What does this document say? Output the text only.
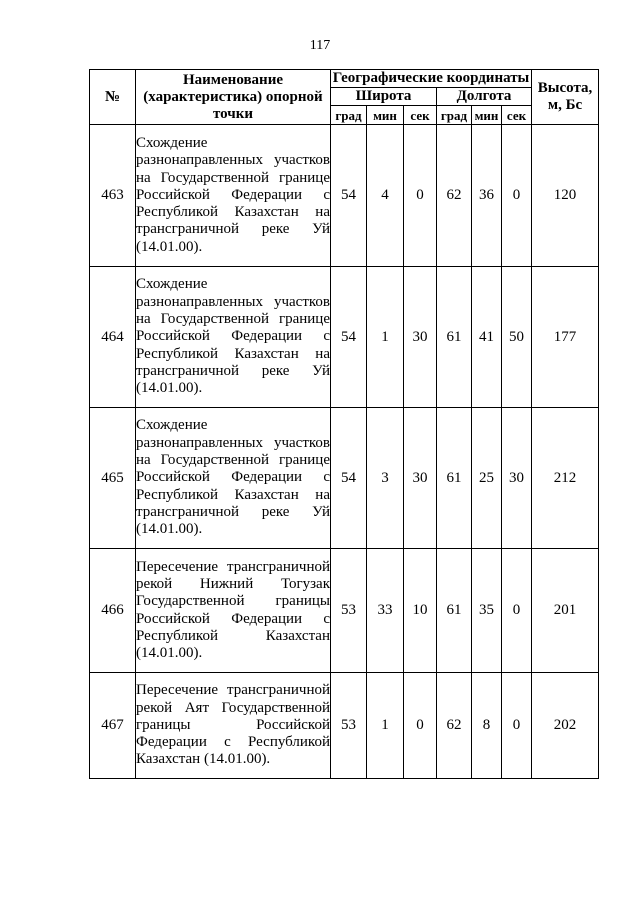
117
№	Наименование (характеристика) опорной точки	Географические координаты						Высота, м, Бс
		Широта			Долгота			
		град	мин	сек	град	мин	сек	
463	Схождение разнонаправленных участков на Государственной границе Российской Федерации с Республикой Казахстан на трансграничной реке Уй (14.01.00).	54	4	0	62	36	0	120
464	Схождение разнонаправленных участков на Государственной границе Российской Федерации с Республикой Казахстан на трансграничной реке Уй (14.01.00).	54	1	30	61	41	50	177
465	Схождение разнонаправленных участков на Государственной границе Российской Федерации с Республикой Казахстан на трансграничной реке Уй (14.01.00).	54	3	30	61	25	30	212
466	Пересечение трансграничной рекой Нижний Тогузак Государственной границы Российской Федерации с Республикой Казахстан (14.01.00).	53	33	10	61	35	0	201
467	Пересечение трансграничной рекой Аят Государственной границы Российской Федерации с Республикой Казахстан (14.01.00).	53	1	0	62	8	0	202
